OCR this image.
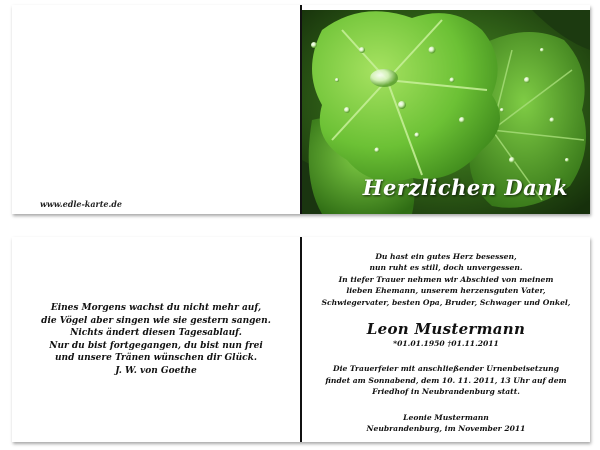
www.edle-karte.de
Herzlichen Dank
Eines Morgens wachst du nicht mehr auf,
die Vögel aber singen wie sie gestern sangen.
Nichts ändert diesen Tagesablauf.
Nur du bist fortgegangen, du bist nun frei
und unsere Tränen wünschen dir Glück.
J. W. von Goethe
Du hast ein gutes Herz besessen,
nun ruht es still, doch unvergessen.
In tiefer Trauer nehmen wir Abschied von meinem
lieben Ehemann, unserem herzensguten Vater,
Schwiegervater, besten Opa, Bruder, Schwager und Onkel,
Leon Mustermann
*01.01.1950 †01.11.2011
Die Trauerfeier mit anschließender Urnenbeisetzung
findet am Sonnabend, dem 10. 11. 2011, 13 Uhr auf dem
Friedhof in Neubrandenburg statt.
Leonie Mustermann
Neubrandenburg, im November 2011
